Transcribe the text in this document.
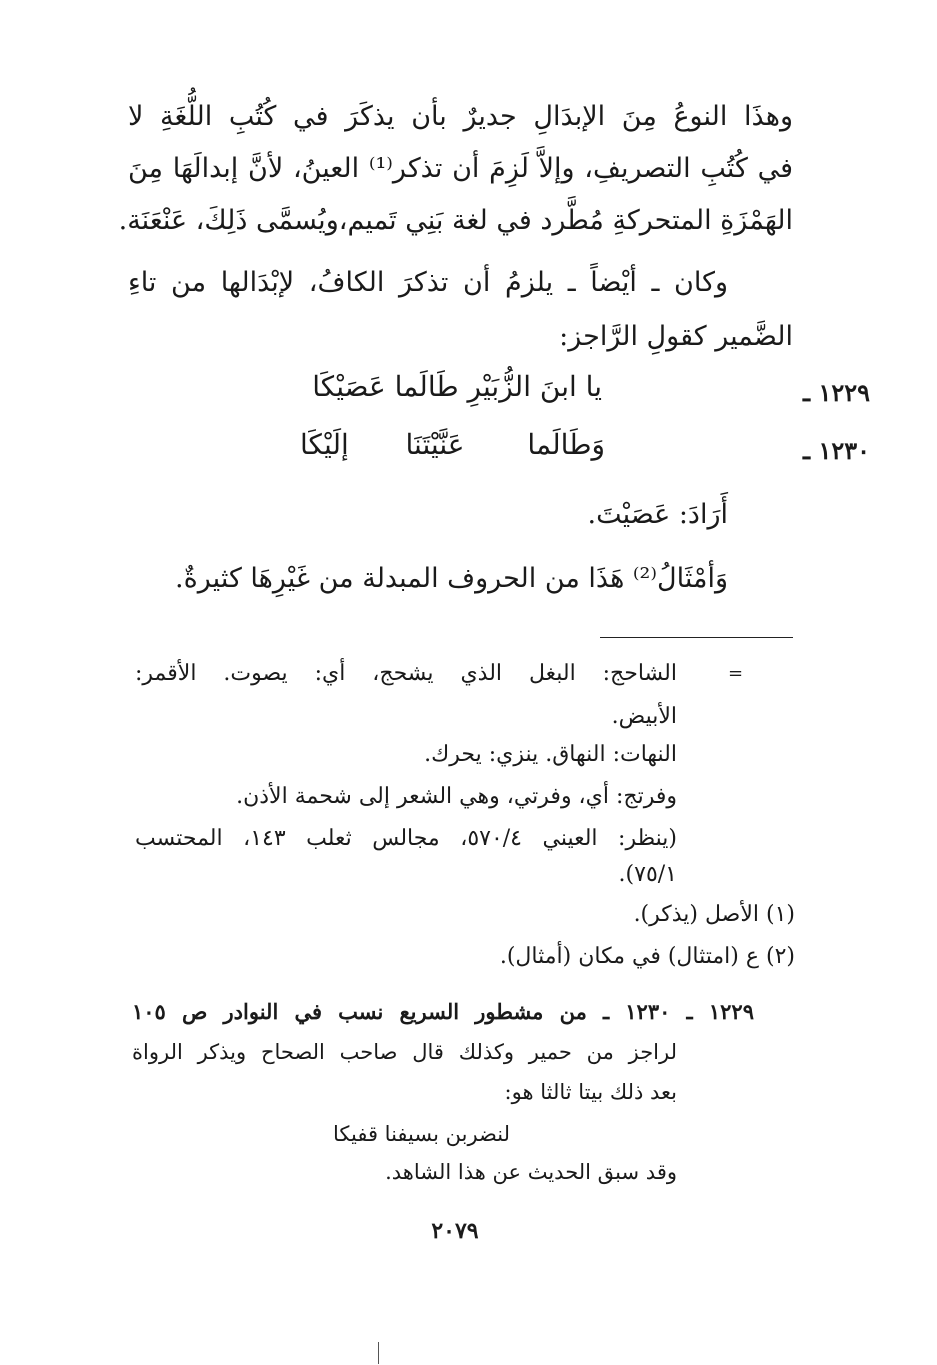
وهذَا النوعُ مِنَ الإبدَالِ جديرٌ بأن يذكَرَ في كُتُبِ اللُّغَةِ لا
في كُتُبِ التصريفِ، وإلاَّ لَزِمَ أن تذكر⁽¹⁾ العينُ، لأنَّ إبدالَهَا مِنَ
الهَمْزَةِ المتحركةِ مُطَّرد في لغة بَنِي تَميم،ويُسمَّى ذَلِكَ، عَنْعَنَة.
وكان ـ أيْضاً ـ يلزمُ أن تذكرَ الكافُ، لإبْدَالها من تاءِ
الضَّمير كقولِ الرَّاجز:
١٢٢٩ ـ
يا ابنَ الزُّبَيْرِ طَالَما عَصَيْكَا
١٢٣٠ ـ
وَطَالَما
عَنَّيْتَنَا
إلَيْكَا
أَرَادَ: عَصَيْتَ.
وَأمْثَالُ⁽²⁾ هَذَا من الحروف المبدلة من غَيْرِهَا كثيرةٌ.
=
الشاحج: البغل الذي يشحج، أي: يصوت. الأقمر:
الأبيض.
النهات: النهاق. ينزي: يحرك.
وفرتج: أي، وفرتي، وهي الشعر إلى شحمة الأذن.
(ينظر: العيني ٥٧٠/٤، مجالس ثعلب ١٤٣، المحتسب
٧٥/١).
(١) الأصل (يذكر).
(٢) ع (امتثال) في مكان (أمثال).
١٢٢٩ ـ ١٢٣٠ ـ من مشطور السريع نسب في النوادر ص ١٠٥
لراجز من حمير وكذلك قال صاحب الصحاح ويذكر الرواة
بعد ذلك بيتا ثالثا هو:
لنضربن بسيفنا قفيكا
وقد سبق الحديث عن هذا الشاهد.
٢٠٧٩
